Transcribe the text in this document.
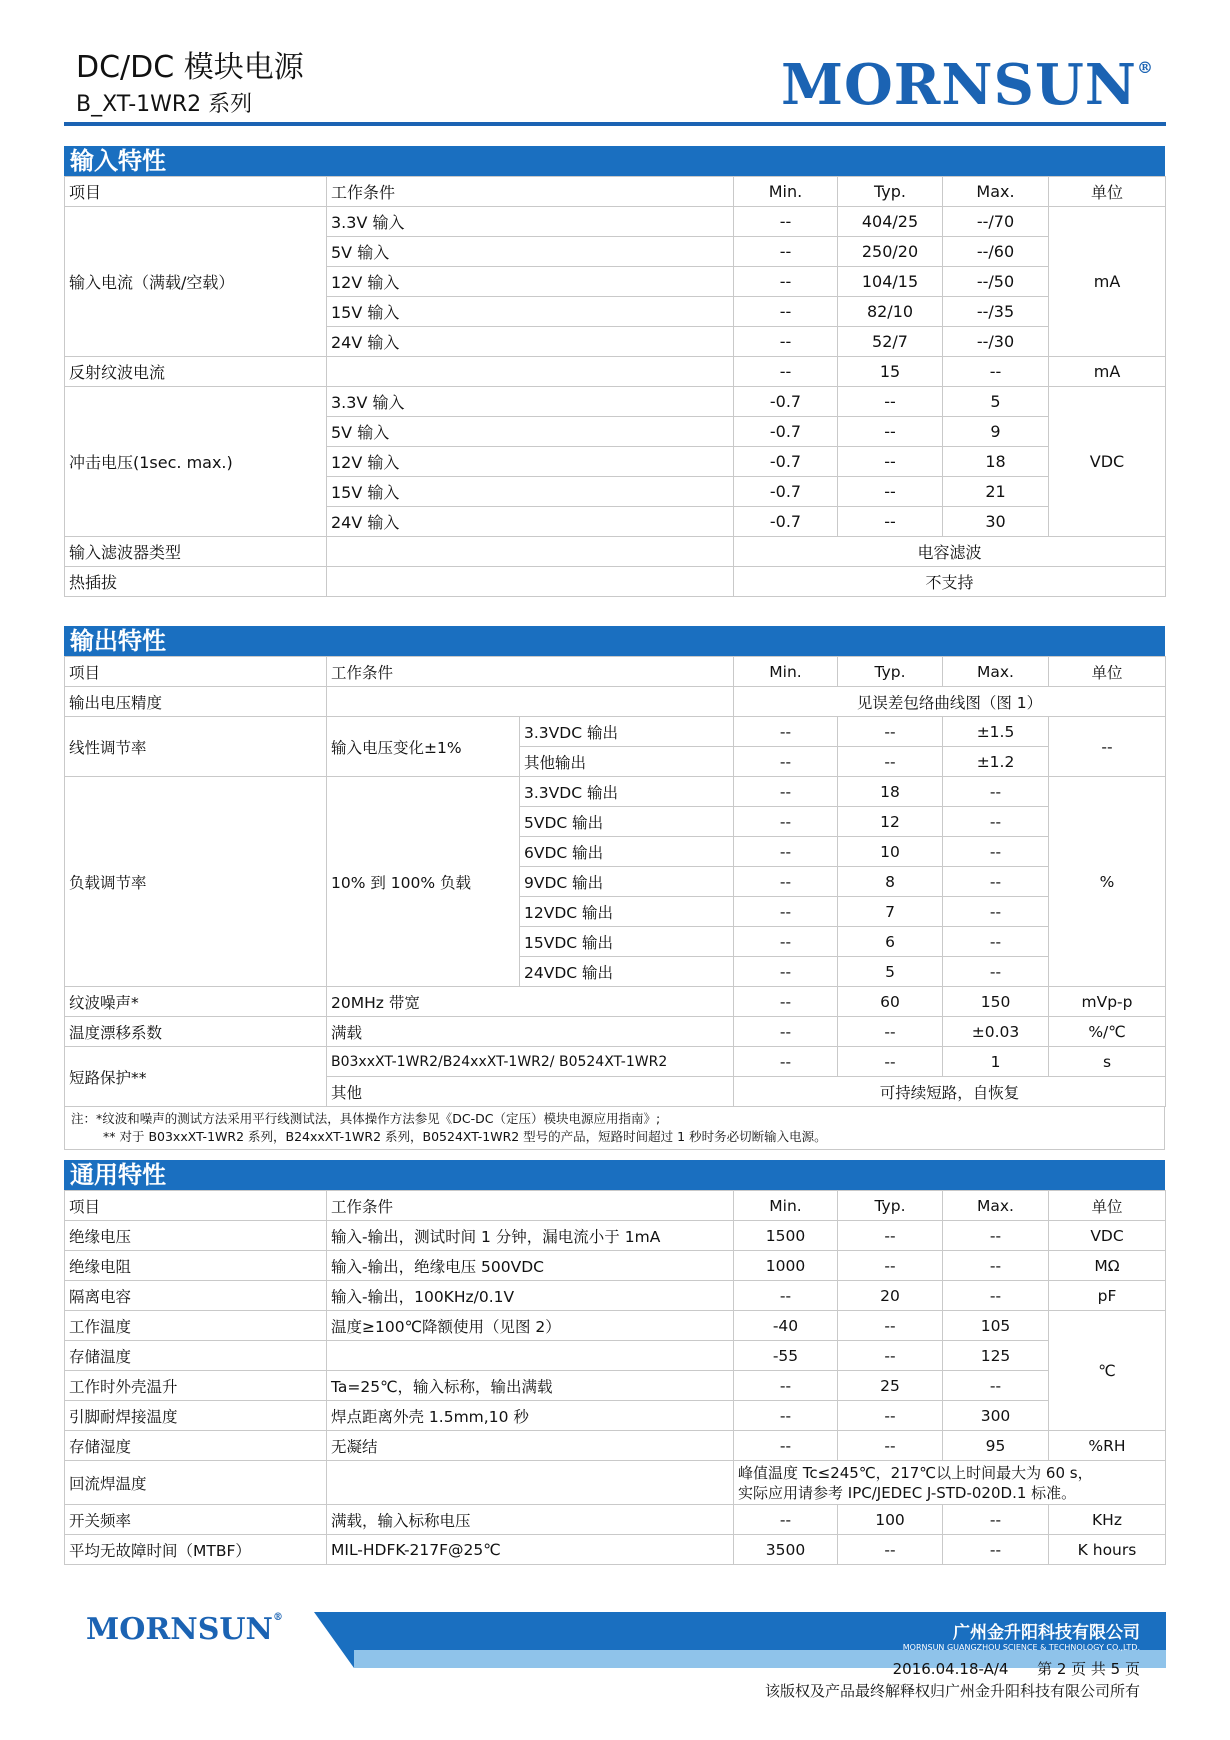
DC/DC 模块电源
B_XT-1WR2 系列	MORNSUN®
输入特性
项目	工作条件	Min.	Typ.	Max.	单位
输入电流（满载/空载）	3.3V 输入	--	404/25	--/70	mA
	5V 输入	--	250/20	--/60	
	12V 输入	--	104/15	--/50	
	15V 输入	--	82/10	--/35	
	24V 输入	--	52/7	--/30	
反射纹波电流		--	15	--	mA
冲击电压(1sec. max.)	3.3V 输入	-0.7	--	5	VDC
	5V 输入	-0.7	--	9	
	12V 输入	-0.7	--	18	
	15V 输入	-0.7	--	21	
	24V 输入	-0.7	--	30	
输入滤波器类型		电容滤波			
热插拔		不支持			
输出特性
项目	工作条件		Min.	Typ.	Max.	单位
输出电压精度			见误差包络曲线图（图 1）			
线性调节率	输入电压变化±1%	3.3VDC 输出	--	--	±1.5	--
		其他输出	--	--	±1.2	
负载调节率	10% 到 100% 负载	3.3VDC 输出	--	18	--	%
		5VDC 输出	--	12	--	
		6VDC 输出	--	10	--	
		9VDC 输出	--	8	--	
		12VDC 输出	--	7	--	
		15VDC 输出	--	6	--	
		24VDC 输出	--	5	--	
纹波噪声*	20MHz 带宽		--	60	150	mVp-p
温度漂移系数	满载		--	--	±0.03	%/℃
短路保护**	B03xxXT-1WR2/B24xxXT-1WR2/ B0524XT-1WR2		--	--	1	s
	其他		可持续短路，自恢复			
注：*纹波和噪声的测试方法采用平行线测试法，具体操作方法参见《DC-DC（定压）模块电源应用指南》;
** 对于 B03xxXT-1WR2 系列，B24xxXT-1WR2 系列，B0524XT-1WR2 型号的产品，短路时间超过 1 秒时务必切断输入电源。
通用特性
项目	工作条件	Min.	Typ.	Max.	单位
绝缘电压	输入-输出，测试时间 1 分钟，漏电流小于 1mA	1500	--	--	VDC
绝缘电阻	输入-输出，绝缘电压 500VDC	1000	--	--	MΩ
隔离电容	输入-输出，100KHz/0.1V	--	20	--	pF
工作温度	温度≥100℃降额使用（见图 2）	-40	--	105	℃
存储温度		-55	--	125	
工作时外壳温升	Ta=25℃，输入标称，输出满载	--	25	--	
引脚耐焊接温度	焊点距离外壳 1.5mm,10 秒	--	--	300	
存储湿度	无凝结	--	--	95	%RH
回流焊温度		峰值温度 Tc≤245℃，217℃以上时间最大为 60 s，
实际应用请参考 IPC/JEDEC J-STD-020D.1 标准。			

开关频率	满载，输入标称电压	--	100	--	KHz
平均无故障时间（MTBF）	MIL-HDFK-217F@25℃	3500	--	--	K hours
MORNSUN®
广州金升阳科技有限公司
MORNSUN GUANGZHOU SCIENCE & TECHNOLOGY CO.,LTD.
2016.04.18-A/4 第 2 页 共 5 页
该版权及产品最终解释权归广州金升阳科技有限公司所有
